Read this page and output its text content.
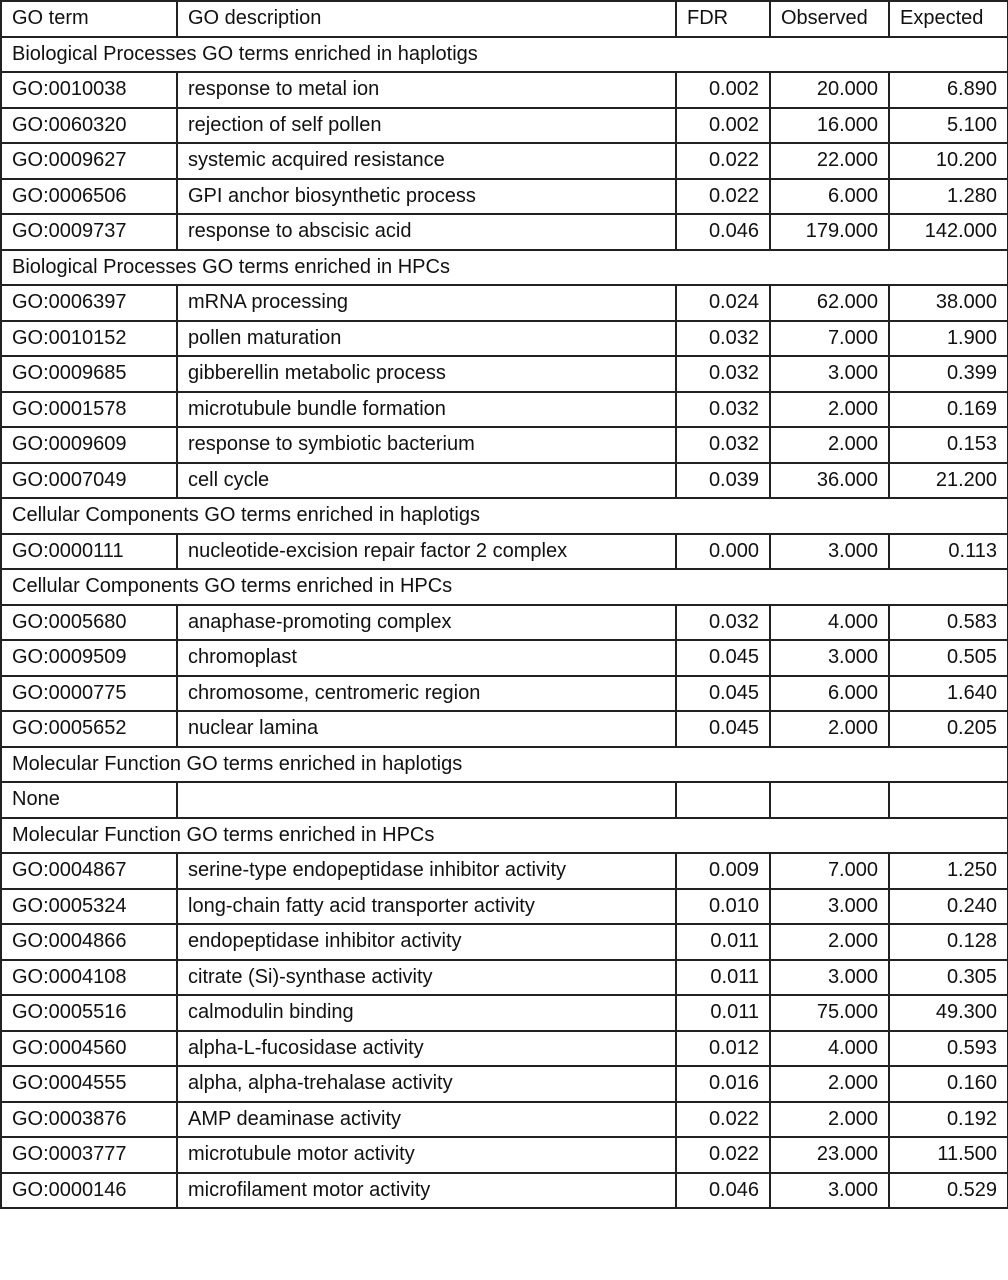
GO term	GO description	FDR	Observed	Expected
Biological Processes GO terms enriched in haplotigs				
GO:0010038	response to metal ion	0.002	20.000	6.890
GO:0060320	rejection of self pollen	0.002	16.000	5.100
GO:0009627	systemic acquired resistance	0.022	22.000	10.200
GO:0006506	GPI anchor biosynthetic process	0.022	6.000	1.280
GO:0009737	response to abscisic acid	0.046	179.000	142.000
Biological Processes GO terms enriched in HPCs				
GO:0006397	mRNA processing	0.024	62.000	38.000
GO:0010152	pollen maturation	0.032	7.000	1.900
GO:0009685	gibberellin metabolic process	0.032	3.000	0.399
GO:0001578	microtubule bundle formation	0.032	2.000	0.169
GO:0009609	response to symbiotic bacterium	0.032	2.000	0.153
GO:0007049	cell cycle	0.039	36.000	21.200
Cellular Components GO terms enriched in haplotigs				
GO:0000111	nucleotide-excision repair factor 2 complex	0.000	3.000	0.113
Cellular Components GO terms enriched in HPCs				
GO:0005680	anaphase-promoting complex	0.032	4.000	0.583
GO:0009509	chromoplast	0.045	3.000	0.505
GO:0000775	chromosome, centromeric region	0.045	6.000	1.640
GO:0005652	nuclear lamina	0.045	2.000	0.205
Molecular Function GO terms enriched in haplotigs				
None				
Molecular Function GO terms enriched in HPCs				
GO:0004867	serine-type endopeptidase inhibitor activity	0.009	7.000	1.250
GO:0005324	long-chain fatty acid transporter activity	0.010	3.000	0.240
GO:0004866	endopeptidase inhibitor activity	0.011	2.000	0.128
GO:0004108	citrate (Si)-synthase activity	0.011	3.000	0.305
GO:0005516	calmodulin binding	0.011	75.000	49.300
GO:0004560	alpha-L-fucosidase activity	0.012	4.000	0.593
GO:0004555	alpha, alpha-trehalase activity	0.016	2.000	0.160
GO:0003876	AMP deaminase activity	0.022	2.000	0.192
GO:0003777	microtubule motor activity	0.022	23.000	11.500
GO:0000146	microfilament motor activity	0.046	3.000	0.529
